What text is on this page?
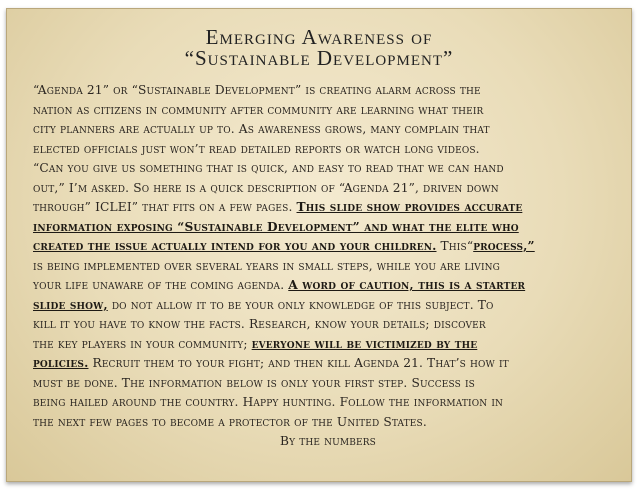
Emerging Awareness of
“Sustainable Development”
“Agenda 21” or “Sustainable Development” is creating alarm across the
nation as citizens in community after community are learning what their
city planners are actually up to. As awareness grows, many complain that
elected officials just won’t read detailed reports or watch long videos.
“Can you give us something that is quick, and easy to read that we can hand
out,” I’m asked. So here is a quick description of “Agenda 21”, driven down
through” ICLEI” that fits on a few pages. This slide show provides accurate
information exposing “Sustainable Development” and what the elite who
created the issue actually intend for you and your children. This“process,”
is being implemented over several years in small steps, while you are living
your life unaware of the coming agenda. A word of caution, this is a starter
slide show, do not allow it to be your only knowledge of this subject. To
kill it you have to know the facts. Research, know your details; discover
the key players in your community; everyone will be victimized by the
policies. Recruit them to your fight; and then kill Agenda 21. That’s how it
must be done. The information below is only your first step. Success is
being hailed around the country. Happy hunting. Follow the information in
the next few pages to become a protector of the United States.
By the numbers
